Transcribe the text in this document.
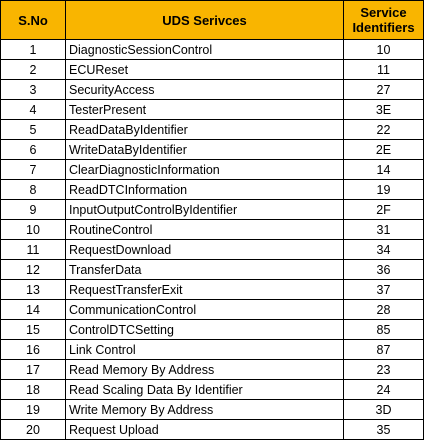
S.No	UDS Serivces	Service Identifiers
1	DiagnosticSessionControl	10
2	ECUReset	11
3	SecurityAccess	27
4	TesterPresent	3E
5	ReadDataByIdentifier	22
6	WriteDataByIdentifier	2E
7	ClearDiagnosticInformation	14
8	ReadDTCInformation	19
9	InputOutputControlByIdentifier	2F
10	RoutineControl	31
11	RequestDownload	34
12	TransferData	36
13	RequestTransferExit	37
14	CommunicationControl	28
15	ControlDTCSetting	85
16	Link Control	87
17	Read Memory By Address	23
18	Read Scaling Data By Identifier	24
19	Write Memory By Address	3D
20	Request Upload	35
